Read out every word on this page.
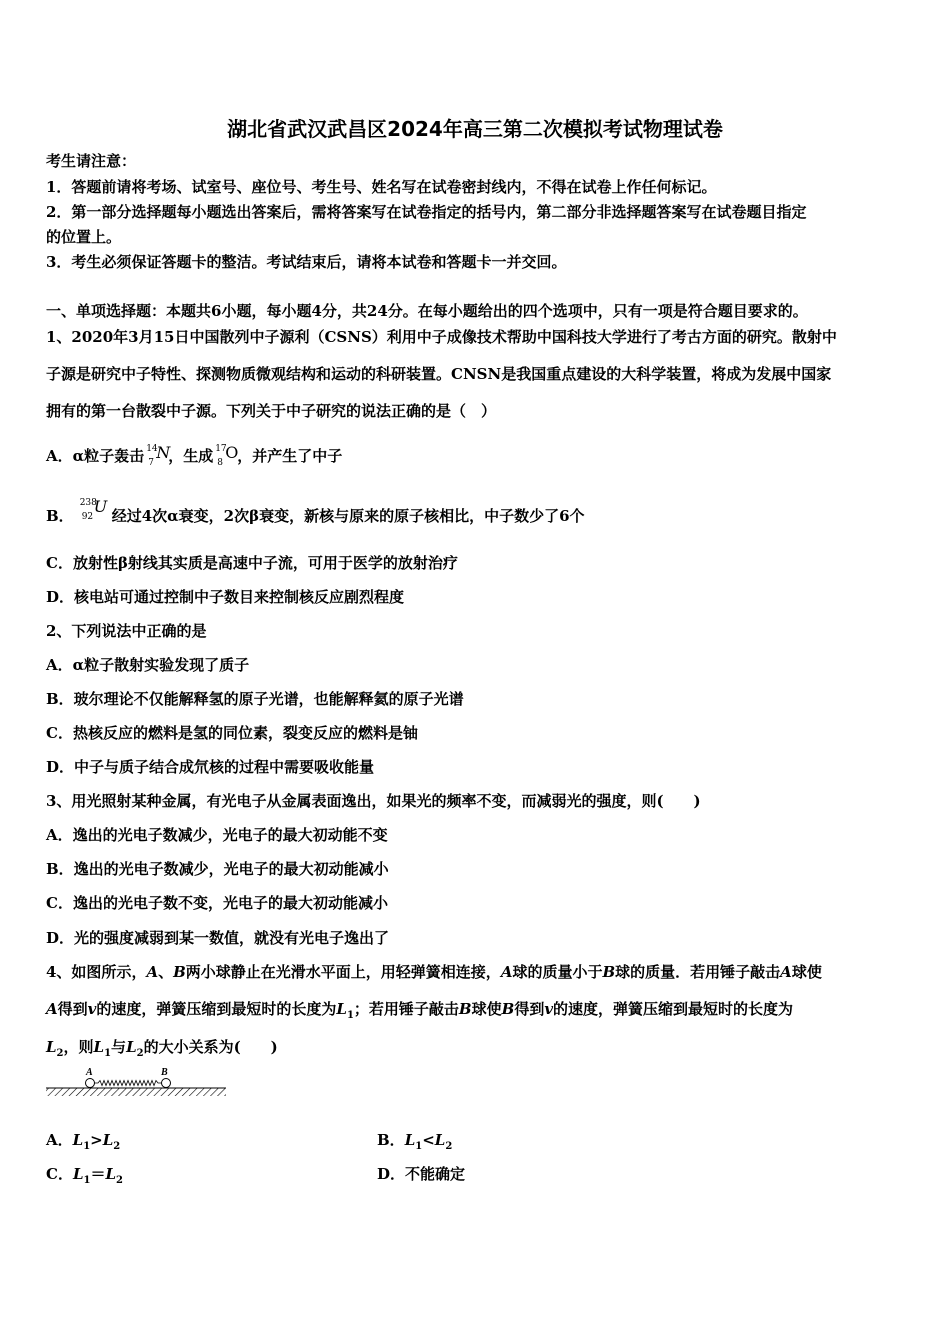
湖北省武汉武昌区2024年高三第二次模拟考试物理试卷
考生请注意：
1．答题前请将考场、试室号、座位号、考生号、姓名写在试卷密封线内，不得在试卷上作任何标记。
2．第一部分选择题每小题选出答案后，需将答案写在试卷指定的括号内，第二部分非选择题答案写在试卷题目指定
的位置上。
3．考生必须保证答题卡的整洁。考试结束后，请将本试卷和答题卡一并交回。
一、单项选择题：本题共6小题，每小题4分，共24分。在每小题给出的四个选项中，只有一项是符合题目要求的。
1、2020年3月15日中国散列中子源利（CSNS）利用中子成像技术帮助中国科技大学进行了考古方面的研究。散射中
子源是研究中子特性、探测物质微观结构和运动的科研装置。CNSN是我国重点建设的大科学装置，将成为发展中国家
拥有的第一台散裂中子源。下列关于中子研究的说法正确的是（　）
A．α粒子轰击 14
7
N
，生成 17
8
O
，并产生了中子
B．
238
92
U 经过4次α衰变，2次β衰变，新核与原来的原子核相比，中子数少了6个
C．放射性β射线其实质是高速中子流，可用于医学的放射治疗
D．核电站可通过控制中子数目来控制核反应剧烈程度
2、下列说法中正确的是
A．α粒子散射实验发现了质子
B．玻尔理论不仅能解释氢的原子光谱，也能解释氦的原子光谱
C．热核反应的燃料是氢的同位素，裂变反应的燃料是铀
D．中子与质子结合成氘核的过程中需要吸收能量
3、用光照射某种金属，有光电子从金属表面逸出，如果光的频率不变，而减弱光的强度，则(　　)
A．逸出的光电子数减少，光电子的最大初动能不变
B．逸出的光电子数减少，光电子的最大初动能减小
C．逸出的光电子数不变，光电子的最大初动能减小
D．光的强度减弱到某一数值，就没有光电子逸出了
4、如图所示，A、B两小球静止在光滑水平面上，用轻弹簧相连接，A球的质量小于B球的质量．若用锤子敲击A球使
A得到v的速度，弹簧压缩到最短时的长度为$L_1$；若用锤子敲击B球使B得到v的速度，弹簧压缩到最短时的长度为
$L_2$，则$L_1$与$L_2$的大小关系为(　　)
A	B
A．$L_1>L_2$	B．$L_1<L_2$
C．$L_1=L_2$	D．不能确定
